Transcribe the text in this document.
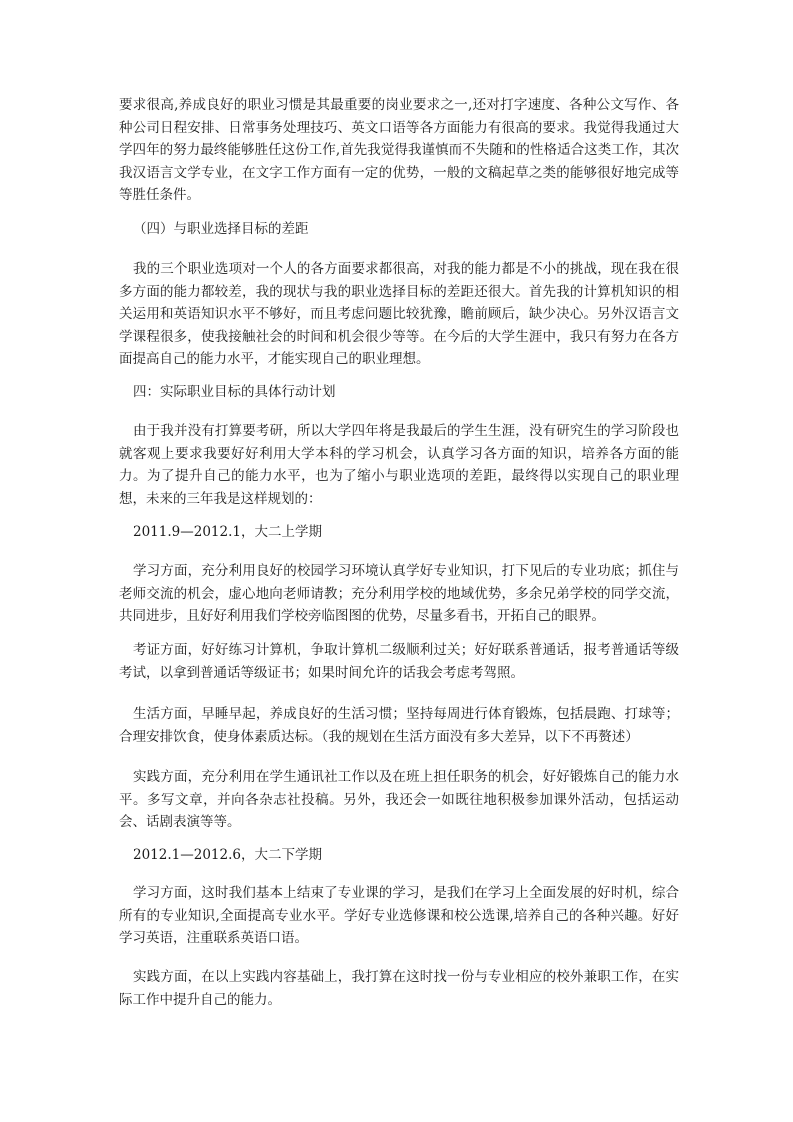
要求很高,养成良好的职业习惯是其最重要的岗业要求之一,还对打字速度、各种公文写作、各种公司日程安排、日常事务处理技巧、英文口语等各方面能力有很高的要求。我觉得我通过大学四年的努力最终能够胜任这份工作,首先我觉得我谨慎而不失随和的性格适合这类工作，其次我汉语言文学专业，在文字工作方面有一定的优势，一般的文稿起草之类的能够很好地完成等等胜任条件。

（四）与职业选择目标的差距

我的三个职业选项对一个人的各方面要求都很高，对我的能力都是不小的挑战，现在我在很多方面的能力都较差，我的现状与我的职业选择目标的差距还很大。首先我的计算机知识的相关运用和英语知识水平不够好，而且考虑问题比较犹豫，瞻前顾后，缺少决心。另外汉语言文学课程很多，使我接触社会的时间和机会很少等等。在今后的大学生涯中，我只有努力在各方面提高自己的能力水平，才能实现自己的职业理想。

四：实际职业目标的具体行动计划

由于我并没有打算要考研，所以大学四年将是我最后的学生生涯，没有研究生的学习阶段也就客观上要求我要好好利用大学本科的学习机会，认真学习各方面的知识，培养各方面的能力。为了提升自己的能力水平，也为了缩小与职业选项的差距，最终得以实现自己的职业理想，未来的三年我是这样规划的：

2011.9—2012.1，大二上学期

学习方面，充分利用良好的校园学习环境认真学好专业知识，打下见后的专业功底；抓住与老师交流的机会，虚心地向老师请教；充分利用学校的地域优势，多余兄弟学校的同学交流，共同进步，且好好利用我们学校旁临图图的优势，尽量多看书，开拓自己的眼界。

考证方面，好好练习计算机，争取计算机二级顺利过关；好好联系普通话，报考普通话等级考试，以拿到普通话等级证书；如果时间允许的话我会考虑考驾照。

生活方面，早睡早起，养成良好的生活习惯；坚持每周进行体育锻炼，包括晨跑、打球等；合理安排饮食，使身体素质达标。（我的规划在生活方面没有多大差异，以下不再赘述）

实践方面，充分利用在学生通讯社工作以及在班上担任职务的机会，好好锻炼自己的能力水平。多写文章，并向各杂志社投稿。另外，我还会一如既往地积极参加课外活动，包括运动会、话剧表演等等。

2012.1—2012.6，大二下学期

学习方面，这时我们基本上结束了专业课的学习，是我们在学习上全面发展的好时机，综合所有的专业知识,全面提高专业水平。学好专业选修课和校公选课,培养自己的各种兴趣。好好学习英语，注重联系英语口语。

实践方面，在以上实践内容基础上，我打算在这时找一份与专业相应的校外兼职工作，在实际工作中提升自己的能力。
